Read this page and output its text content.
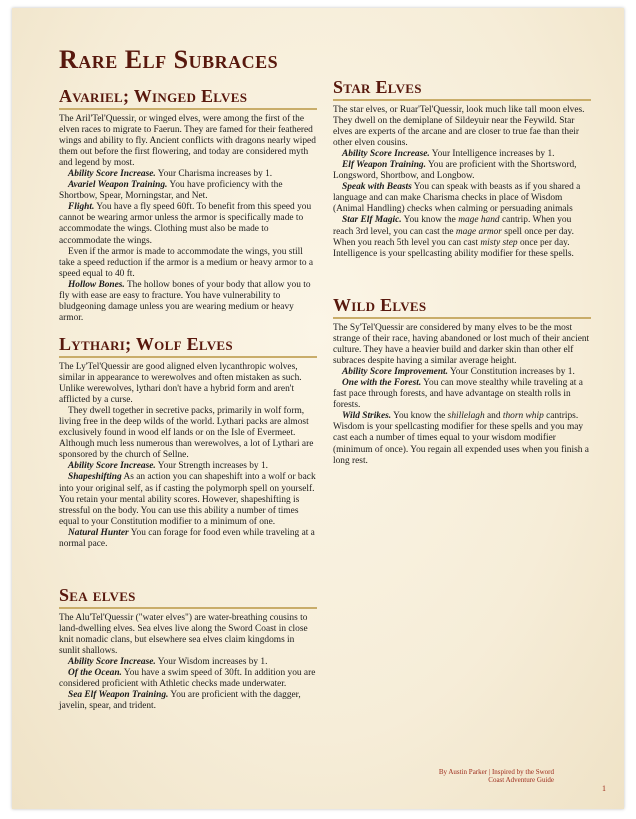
Rare Elf Subraces
Avariel; Winged Elves

The Aril'Tel'Quessir, or winged elves, were among the first of the elven races to migrate to Faerun. They are famed for their feathered wings and ability to fly. Ancient conflicts with dragons nearly wiped them out before the first flowering, and today are considered myth and legend by most.

Ability Score Increase. Your Charisma increases by 1.

Avariel Weapon Training. You have proficiency with the Shortbow, Spear, Morningstar, and Net.

Flight. You have a fly speed 60ft. To benefit from this speed you cannot be wearing armor unless the armor is specifically made to accommodate the wings. Clothing must also be made to accommodate the wings.

Even if the armor is made to accommodate the wings, you still take a speed reduction if the armor is a medium or heavy armor to a speed equal to 40 ft.

Hollow Bones. The hollow bones of your body that allow you to fly with ease are easy to fracture. You have vulnerability to bludgeoning damage unless you are wearing medium or heavy armor.

Lythari; Wolf Elves

The Ly'Tel'Quessir are good aligned elven lycanthropic wolves, similar in appearance to werewolves and often mistaken as such. Unlike werewolves, lythari don't have a hybrid form and aren't afflicted by a curse.

They dwell together in secretive packs, primarily in wolf form, living free in the deep wilds of the world. Lythari packs are almost exclusively found in wood elf lands or on the Isle of Evermeet. Although much less numerous than werewolves, a lot of Lythari are sponsored by the church of Sellne.

Ability Score Increase. Your Strength increases by 1.

Shapeshifting As an action you can shapeshift into a wolf or back into your original self, as if casting the polymorph spell on yourself. You retain your mental ability scores. However, shapeshifting is stressful on the body. You can use this ability a number of times equal to your Constitution modifier to a minimum of one.

Natural Hunter You can forage for food even while traveling at a normal pace.

Sea elves

The Alu'Tel'Quessir ("water elves") are water-breathing cousins to land-dwelling elves. Sea elves live along the Sword Coast in close knit nomadic clans, but elsewhere sea elves claim kingdoms in sunlit shallows.

Ability Score Increase. Your Wisdom increases by 1.

Of the Ocean. You have a swim speed of 30ft. In addition you are considered proficient with Athletic checks made underwater.

Sea Elf Weapon Training. You are proficient with the dagger, javelin, spear, and trident.

Star Elves

The star elves, or Ruar'Tel'Quessir, look much like tall moon elves. They dwell on the demiplane of Sildeyuir near the Feywild. Star elves are experts of the arcane and are closer to true fae than their other elven cousins.

Ability Score Increase. Your Intelligence increases by 1.

Elf Weapon Training. You are proficient with the Shortsword, Longsword, Shortbow, and Longbow.

Speak with Beasts You can speak with beasts as if you shared a language and can make Charisma checks in place of Wisdom (Animal Handling) checks when calming or persuading animals

Star Elf Magic. You know the mage hand cantrip. When you reach 3rd level, you can cast the mage armor spell once per day. When you reach 5th level you can cast misty step once per day. Intelligence is your spellcasting ability modifier for these spells.

Wild Elves

The Sy'Tel'Quessir are considered by many elves to be the most strange of their race, having abandoned or lost much of their ancient culture. They have a heavier build and darker skin than other elf subraces despite having a similar average height.

Ability Score Improvement. Your Constitution increases by 1.

One with the Forest. You can move stealthy while traveling at a fast pace through forests, and have advantage on stealth rolls in forests.

Wild Strikes. You know the shillelagh and thorn whip cantrips. Wisdom is your spellcasting modifier for these spells and you may cast each a number of times equal to your wisdom modifier (minimum of once). You regain all expended uses when you finish a long rest.

By Austin Parker | Inspired by the Sword
Coast Adventure Guide
1
